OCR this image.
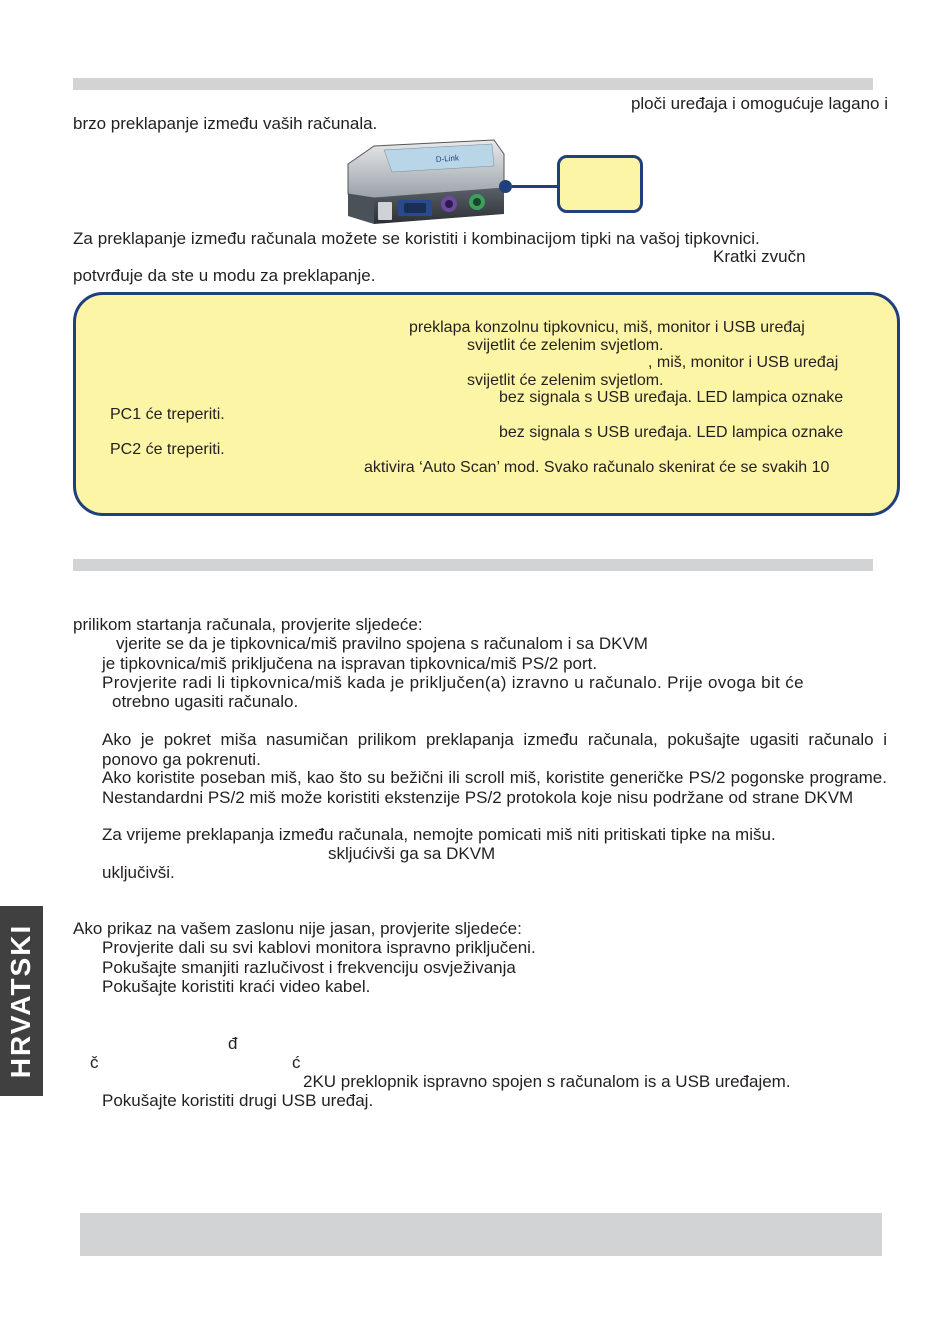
ploči uređaja i omogućuje lagano i
brzo preklapanje između vaših računala.
D-Link
Za preklapanje između računala možete se koristiti i kombinacijom tipki na vašoj tipkovnici.
Kratki zvučn
potvrđuje da ste u modu za preklapanje.
preklapa konzolnu tipkovnicu, miš, monitor i USB uređaj
svijetlit će zelenim svjetlom.
, miš, monitor i USB uređaj
svijetlit će zelenim svjetlom.
bez signala s USB uređaja. LED lampica oznake
PC1 će treperiti.
bez signala s USB uređaja. LED lampica oznake
PC2 će treperiti.
aktivira ‘Auto Scan’ mod. Svako računalo skenirat će se svakih 10
prilikom startanja računala, provjerite sljedeće:
vjerite se da je tipkovnica/miš pravilno spojena s računalom i sa DKVM
je tipkovnica/miš priključena na ispravan tipkovnica/miš PS/2 port.
Provjerite radi li tipkovnica/miš kada je priključen(a) izravno u računalo. Prije ovoga bit će
otrebno ugasiti računalo.
Ako je pokret miša nasumičan prilikom preklapanja između računala, pokušajte ugasiti računalo i ponovo ga pokrenuti.
Ako koristite poseban miš, kao što su bežični ili scroll miš, koristite generičke PS/2 pogonske programe. Nestandardni PS/2 miš može koristiti ekstenzije PS/2 protokola koje nisu podržane od strane DKVM
Za vrijeme preklapanja između računala, nemojte pomicati miš niti pritiskati tipke na mišu.
skljućivši ga sa DKVM
uključivši.
Ako prikaz na vašem zaslonu nije jasan, provjerite sljedeće:
Provjerite dali su svi kablovi monitora ispravno priključeni.
Pokušajte smanjiti razlučivost i frekvenciju osvježivanja
Pokušajte koristiti kraći video kabel.
đ
č	ć
2KU preklopnik ispravno spojen s računalom is a USB uređajem.
Pokušajte koristiti drugi USB uređaj.
HRVATSKI
